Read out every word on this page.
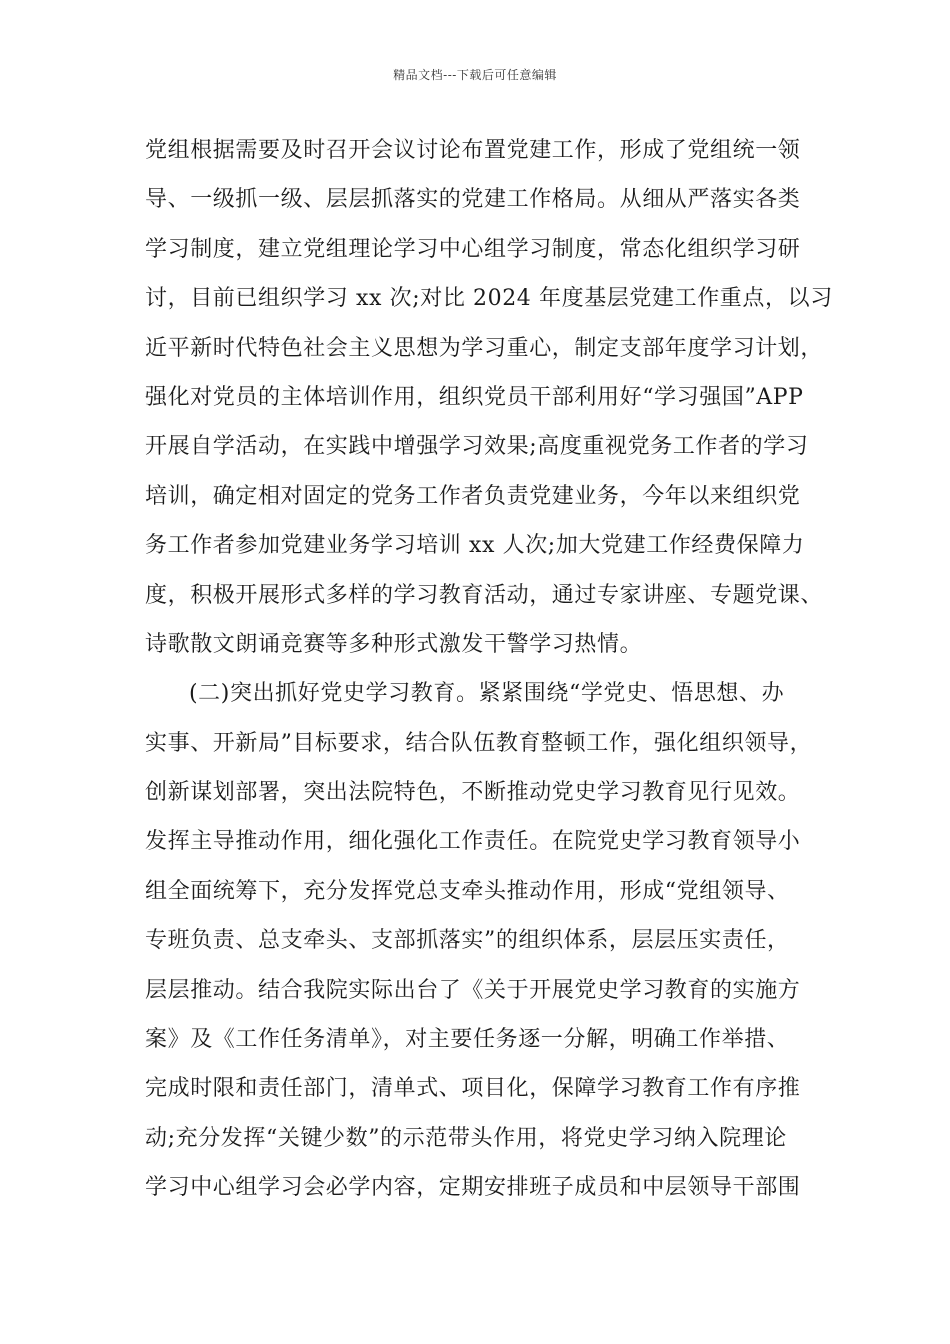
精品文档---下载后可任意编辑
党组根据需要及时召开会议讨论布置党建工作，形成了党组统一领
导、一级抓一级、层层抓落实的党建工作格局。从细从严落实各类
学习制度，建立党组理论学习中心组学习制度，常态化组织学习研
讨，目前已组织学习 xx 次;对比 2024 年度基层党建工作重点，以习
近平新时代特色社会主义思想为学习重心，制定支部年度学习计划，
强化对党员的主体培训作用，组织党员干部利用好“学习强国”APP
开展自学活动，在实践中增强学习效果;高度重视党务工作者的学习
培训，确定相对固定的党务工作者负责党建业务，今年以来组织党
务工作者参加党建业务学习培训 xx 人次;加大党建工作经费保障力
度，积极开展形式多样的学习教育活动，通过专家讲座、专题党课、
诗歌散文朗诵竞赛等多种形式激发干警学习热情。
(二)突出抓好党史学习教育。紧紧围绕“学党史、悟思想、办
实事、开新局”目标要求，结合队伍教育整顿工作，强化组织领导，
创新谋划部署，突出法院特色，不断推动党史学习教育见行见效。
发挥主导推动作用，细化强化工作责任。在院党史学习教育领导小
组全面统筹下，充分发挥党总支牵头推动作用，形成“党组领导、
专班负责、总支牵头、支部抓落实”的组织体系，层层压实责任，
层层推动。结合我院实际出台了《关于开展党史学习教育的实施方
案》及《工作任务清单》，对主要任务逐一分解，明确工作举措、
完成时限和责任部门，清单式、项目化，保障学习教育工作有序推
动;充分发挥“关键少数”的示范带头作用，将党史学习纳入院理论
学习中心组学习会必学内容，定期安排班子成员和中层领导干部围
